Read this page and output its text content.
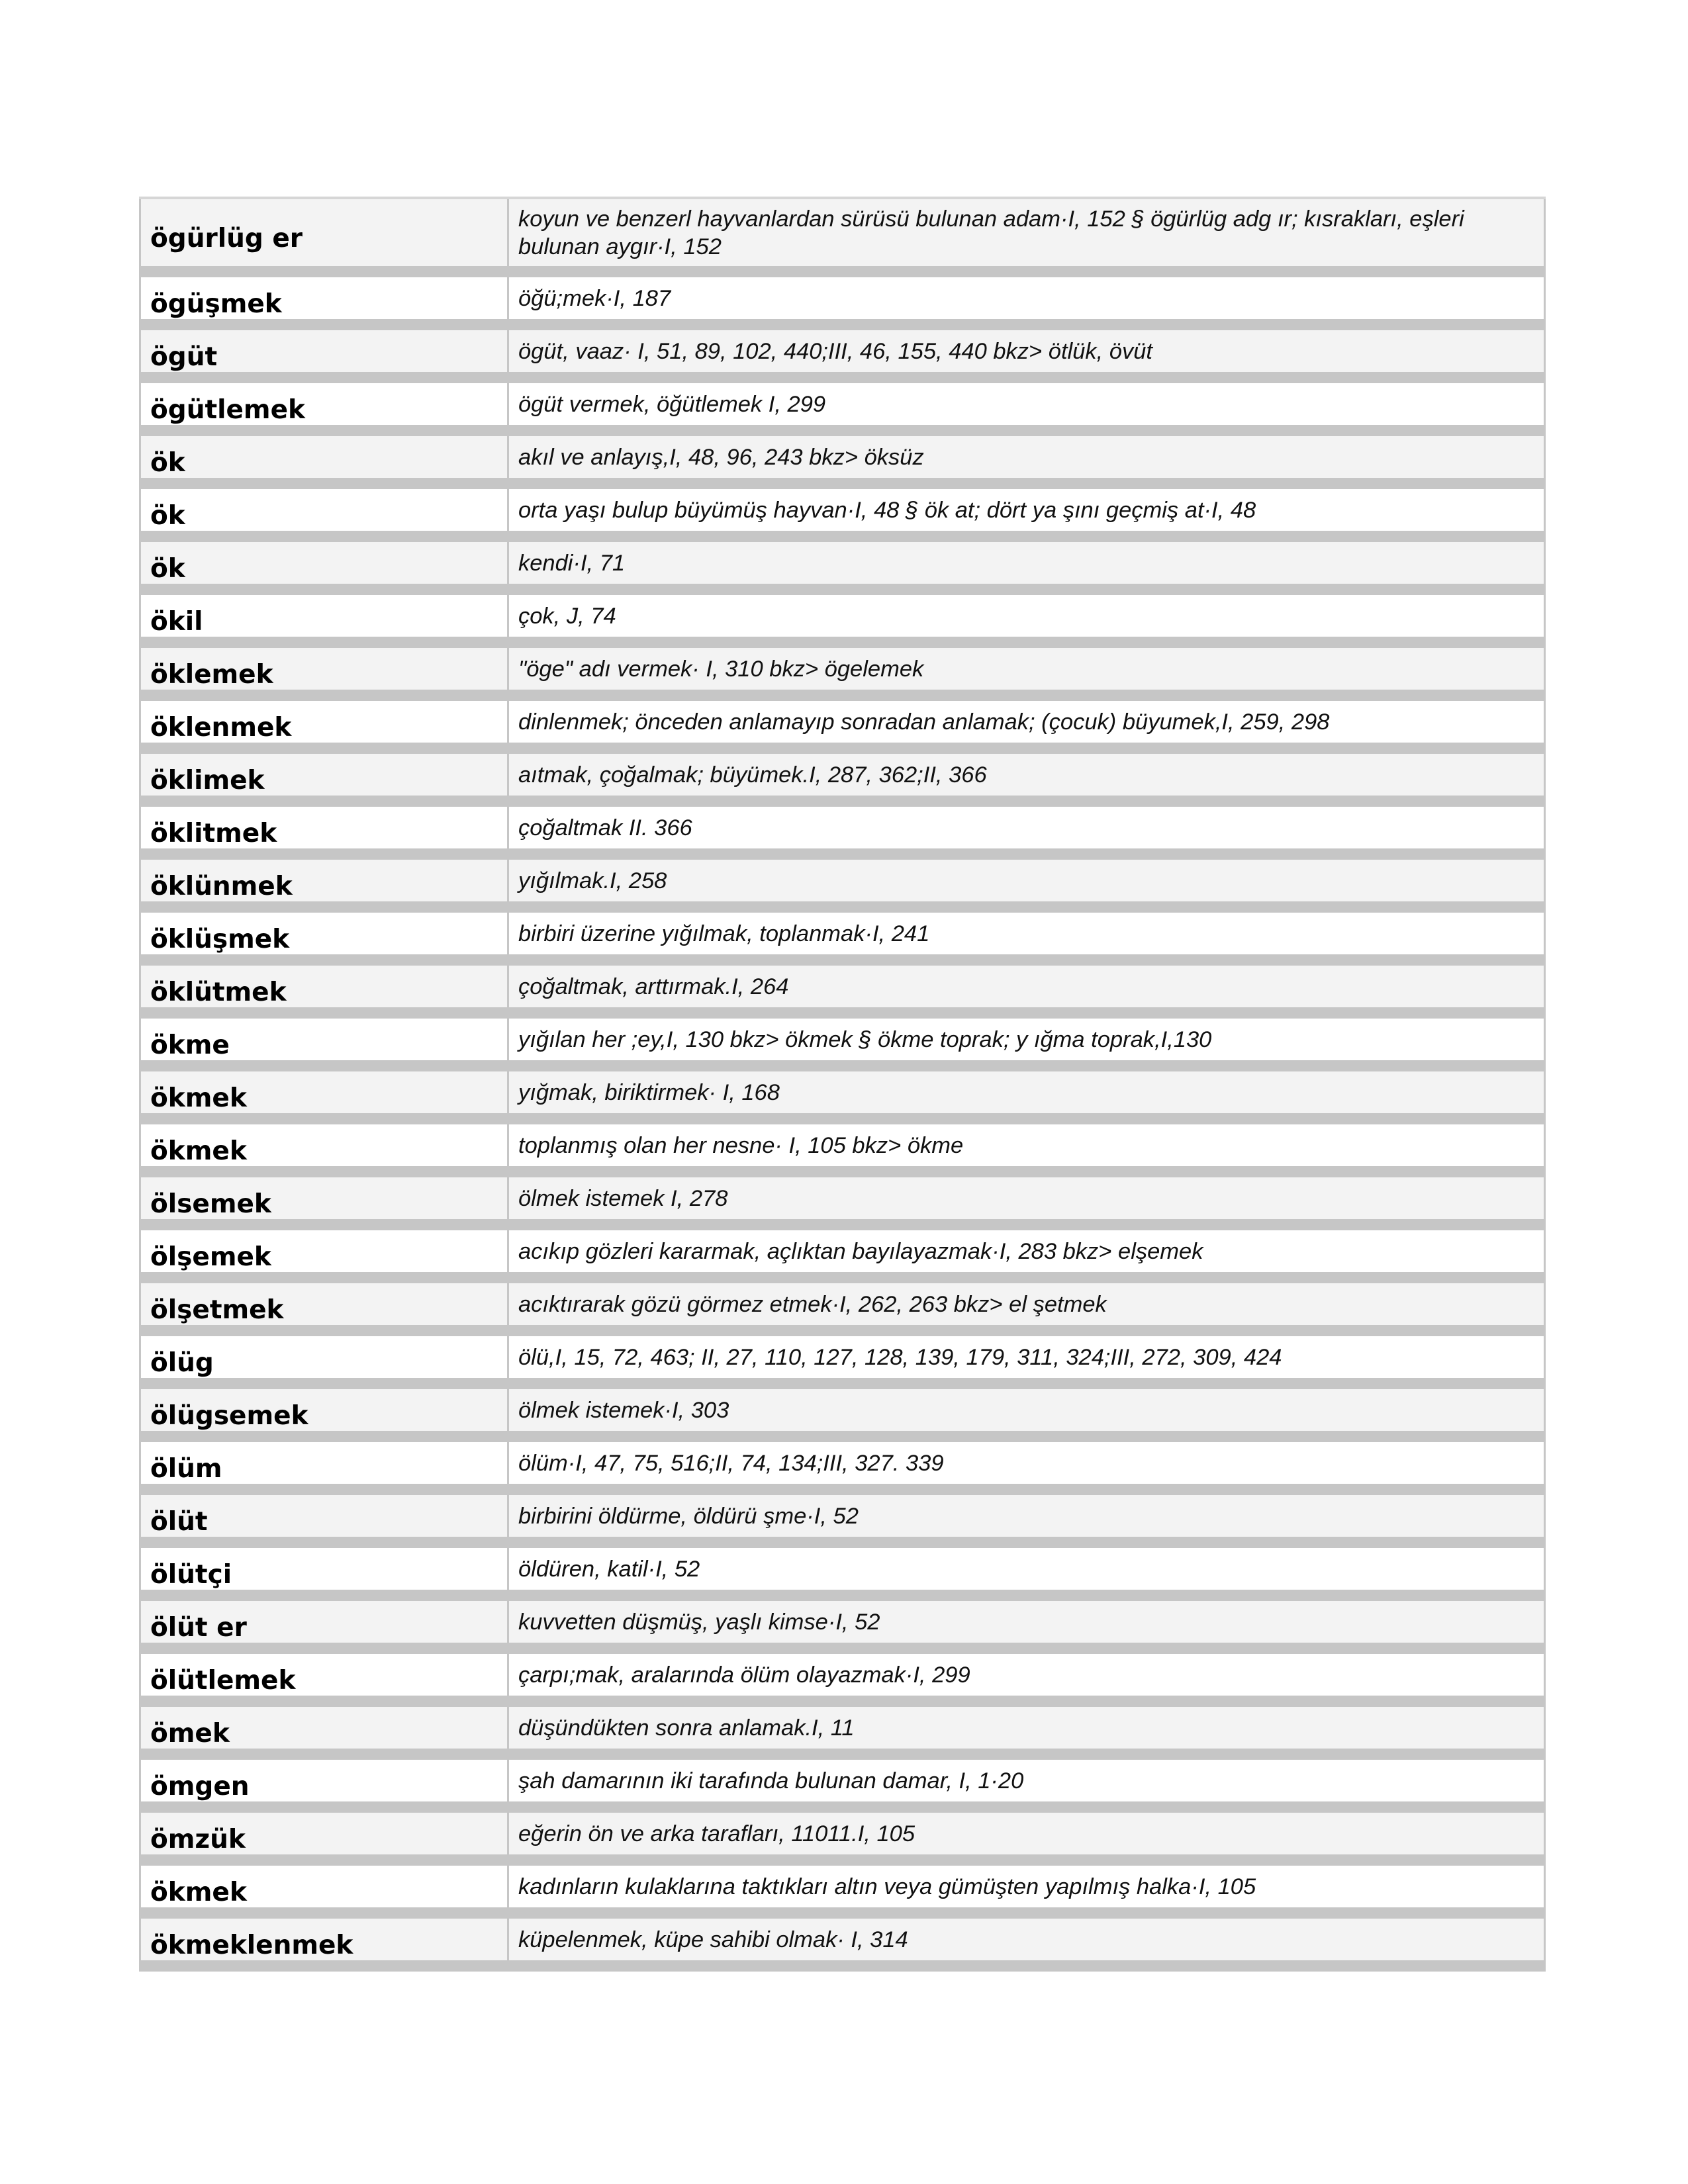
ögürlüg er	koyun ve benzerl hayvanlardan sürüsü bulunan adam·I, 152 § ögürlüg adg ır; kısrakları, eşleri bulunan aygır·I, 152

ögüşmek	öğü;mek·I, 187

ögüt	ögüt, vaaz· I, 51, 89, 102, 440;III, 46, 155, 440 bkz> ötlük, övüt

ögütlemek	ögüt vermek, öğütlemek I, 299

ök	akıl ve anlayış,I, 48, 96, 243 bkz> öksüz

ök	orta yaşı bulup büyümüş hayvan·I, 48 § ök at; dört ya şını geçmiş at·I, 48

ök	kendi·I, 71

ökil	çok, J, 74

öklemek	"öge" adı vermek· I, 310 bkz> ögelemek

öklenmek	dinlenmek; önceden anlamayıp sonradan anlamak; (çocuk) büyumek,I, 259, 298

öklimek	aıtmak, çoğalmak; büyümek.I, 287, 362;II, 366

öklitmek	çoğaltmak II. 366

öklünmek	yığılmak.I, 258

öklüşmek	birbiri üzerine yığılmak, toplanmak·I, 241

öklütmek	çoğaltmak, arttırmak.I, 264

ökme	yığılan her ;ey,I, 130 bkz> ökmek § ökme toprak; y ığma toprak,I,130

ökmek	yığmak, biriktirmek· I, 168

ökmek	toplanmış olan her nesne· I, 105 bkz> ökme

ölsemek	ölmek istemek I, 278

ölşemek	acıkıp gözleri kararmak, açlıktan bayılayazmak·I, 283 bkz> elşemek

ölşetmek	acıktırarak gözü görmez etmek·I, 262, 263 bkz> el şetmek

ölüg	ölü,I, 15, 72, 463; II, 27, 110, 127, 128, 139, 179, 311, 324;III, 272, 309, 424

ölügsemek	ölmek istemek·I, 303

ölüm	ölüm·I, 47, 75, 516;II, 74, 134;III, 327. 339

ölüt	birbirini öldürme, öldürü şme·I, 52

ölütçi	öldüren, katil·I, 52

ölüt er	kuvvetten düşmüş, yaşlı kimse·I, 52

ölütlemek	çarpı;mak, aralarında ölüm olayazmak·I, 299

ömek	düşündükten sonra anlamak.I, 11

ömgen	şah damarının iki tarafında bulunan damar, I, 1·20

ömzük	eğerin ön ve arka tarafları, 11011.I, 105

ökmek	kadınların kulaklarına taktıkları altın veya gümüşten yapılmış halka·I, 105

ökmeklenmek	küpelenmek, küpe sahibi olmak· I, 314
